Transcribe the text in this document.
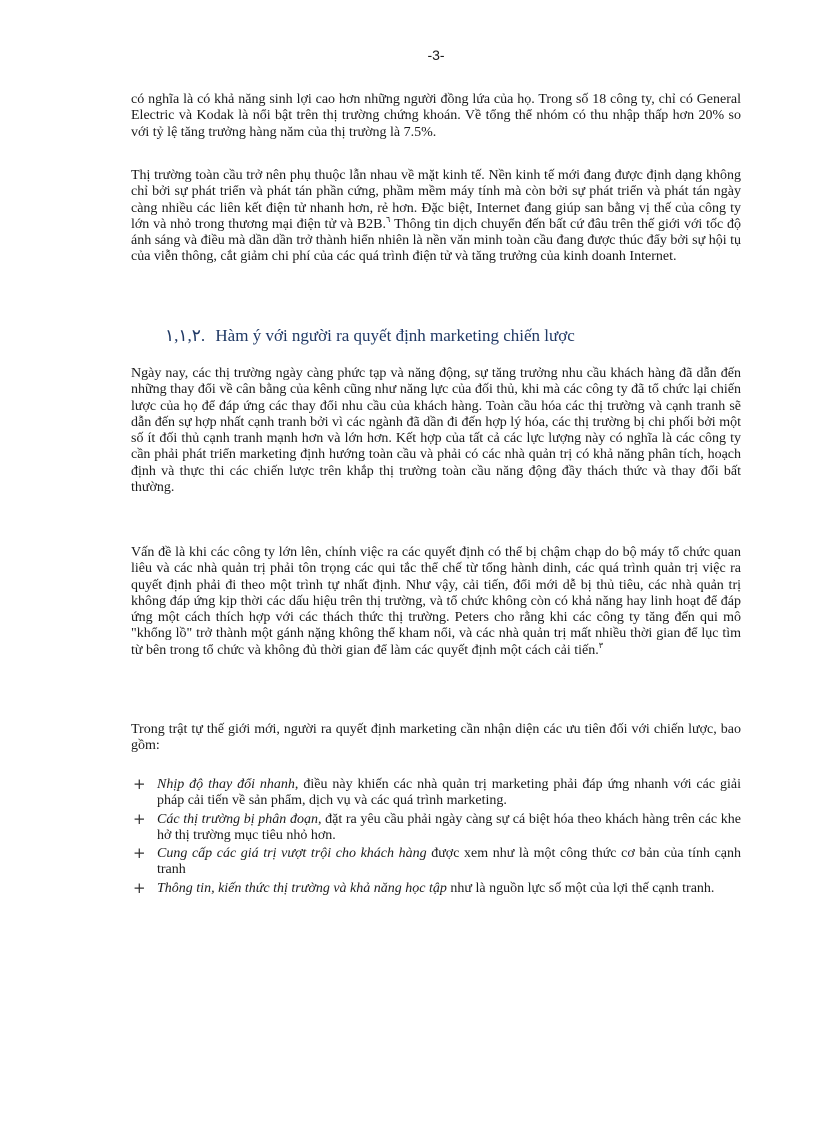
-3-

có nghĩa là có khả năng sinh lợi cao hơn những người đồng lứa của họ. Trong số 18 công ty, chỉ có General Electric và Kodak là nổi bật trên thị trường chứng khoán. Về tổng thể nhóm có thu nhập thấp hơn 20% so với tỷ lệ tăng trưởng hàng năm của thị trường là 7.5%.

Thị trường toàn cầu trở nên phụ thuộc lẫn nhau về mặt kinh tế. Nền kinh tế mới đang được định dạng không chỉ bởi sự phát triển và phát tán phần cứng, phầm mềm máy tính mà còn bởi sự phát triển và phát tán ngày càng nhiều các liên kết điện tử nhanh hơn, rẻ hơn. Đặc biệt, Internet đang giúp san bằng vị thế của công ty lớn và nhỏ trong thương mại điện tử và B2B.$^٦$ Thông tin dịch chuyển đến bất cứ đâu trên thế giới với tốc độ ánh sáng và điều mà dần dần trở thành hiển nhiên là nền văn minh toàn cầu đang được thúc đẩy bởi sự hội tụ của viễn thông, cắt giảm chi phí của các quá trình điện tử và tăng trưởng của kinh doanh Internet.

١,١,٢. Hàm ý với người ra quyết định marketing chiến lược

Ngày nay, các thị trường ngày càng phức tạp và năng động, sự tăng trưởng nhu cầu khách hàng đã dẫn đến những thay đổi về cân bằng của kênh cũng như năng lực của đối thủ, khi mà các công ty đã tổ chức lại chiến lược của họ để đáp ứng các thay đổi nhu cầu của khách hàng. Toàn cầu hóa các thị trường và cạnh tranh sẽ dẫn đến sự hợp nhất cạnh tranh bởi vì các ngành đã dần đi đến hợp lý hóa, các thị trường bị chi phối bởi một số ít đối thủ cạnh tranh mạnh hơn và lớn hơn. Kết hợp của tất cả các lực lượng này có nghĩa là các công ty cần phải phát triển marketing định hướng toàn cầu và phải có các nhà quản trị có khả năng phân tích, hoạch định và thực thi các chiến lược trên khắp thị trường toàn cầu năng động đầy thách thức và thay đổi bất thường.

Vấn đề là khi các công ty lớn lên, chính việc ra các quyết định có thể bị chậm chạp do bộ máy tổ chức quan liêu và các nhà quản trị phải tôn trọng các qui tắc thể chế từ tổng hành dinh, các quá trình quản trị việc ra quyết định phải đi theo một trình tự nhất định. Như vậy, cải tiến, đổi mới dễ bị thủ tiêu, các nhà quản trị không đáp ứng kịp thời các dấu hiệu trên thị trường, và tổ chức không còn có khả năng hay linh hoạt để đáp ứng một cách thích hợp với các thách thức thị trường. Peters cho rằng khi các công ty tăng đến qui mô "khổng lồ" trở thành một gánh nặng không thể kham nổi, và các nhà quản trị mất nhiều thời gian để lục tìm từ bên trong tổ chức và không đủ thời gian để làm các quyết định một cách cải tiến.$^٣$

Trong trật tự thế giới mới, người ra quyết định marketing cần nhận diện các ưu tiên đối với chiến lược, bao gồm:

+ Nhịp độ thay đổi nhanh, điều này khiến các nhà quản trị marketing phải đáp ứng nhanh với các giải pháp cải tiến về sản phẩm, dịch vụ và các quá trình marketing.
+ Các thị trường bị phân đoạn, đặt ra yêu cầu phải ngày càng sự cá biệt hóa theo khách hàng trên các khe hở thị trường mục tiêu nhỏ hơn.
+ Cung cấp các giá trị vượt trội cho khách hàng được xem như là một công thức cơ bản của tính cạnh tranh
+ Thông tin, kiến thức thị trường và khả năng học tập như là nguồn lực số một của lợi thế cạnh tranh.
